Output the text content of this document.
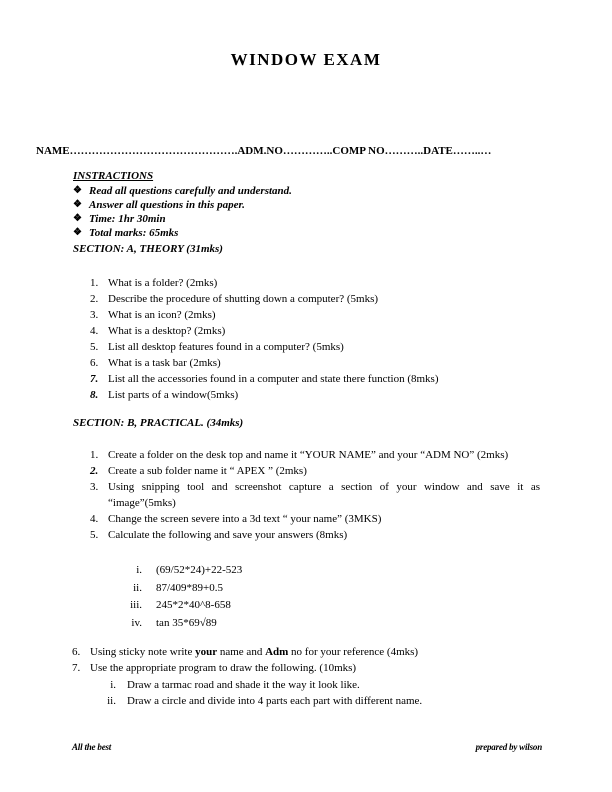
WINDOW EXAM
NAME……………………………………….ADM.NO…………..COMP NO………..DATE……..…
INSTRACTIONS
❖ Read all questions carefully and understand.
❖ Answer all questions in this paper.
❖ Time: 1hr 30min
❖ Total marks: 65mks
SECTION: A, THEORY (31mks)
1. What is a folder? (2mks)
2. Describe the procedure of shutting down a computer? (5mks)
3. What is an icon? (2mks)
4. What is a desktop? (2mks)
5. List all desktop features found in a computer? (5mks)
6. What is a task bar (2mks)
7. List all the accessories found in a computer and state there function (8mks)
8. List parts of a window(5mks)
SECTION: B, PRACTICAL. (34mks)
1. Create a folder on the desk top and name it “YOUR NAME” and your “ADM NO” (2mks)
2. Create a sub folder name it “ APEX ” (2mks)
3. Using snipping tool and screenshot capture a section of your window and save it as “image”(5mks)
4. Change the screen severe into a 3d text “ your name” (3MKS)
5. Calculate the following and save your answers (8mks)
i.	(69/52*24)+22-523
ii.	87/409*89+0.5
iii.	245*2*40^8-658
iv.	tan 35*69√89
6. Using sticky note write your name and Adm no for your reference (4mks)
7. Use the appropriate program to draw the following. (10mks)
i.	Draw a tarmac road and shade it the way it look like.
ii.	Draw a circle and divide into 4 parts each part with different name.
All the best	prepared by wilson
